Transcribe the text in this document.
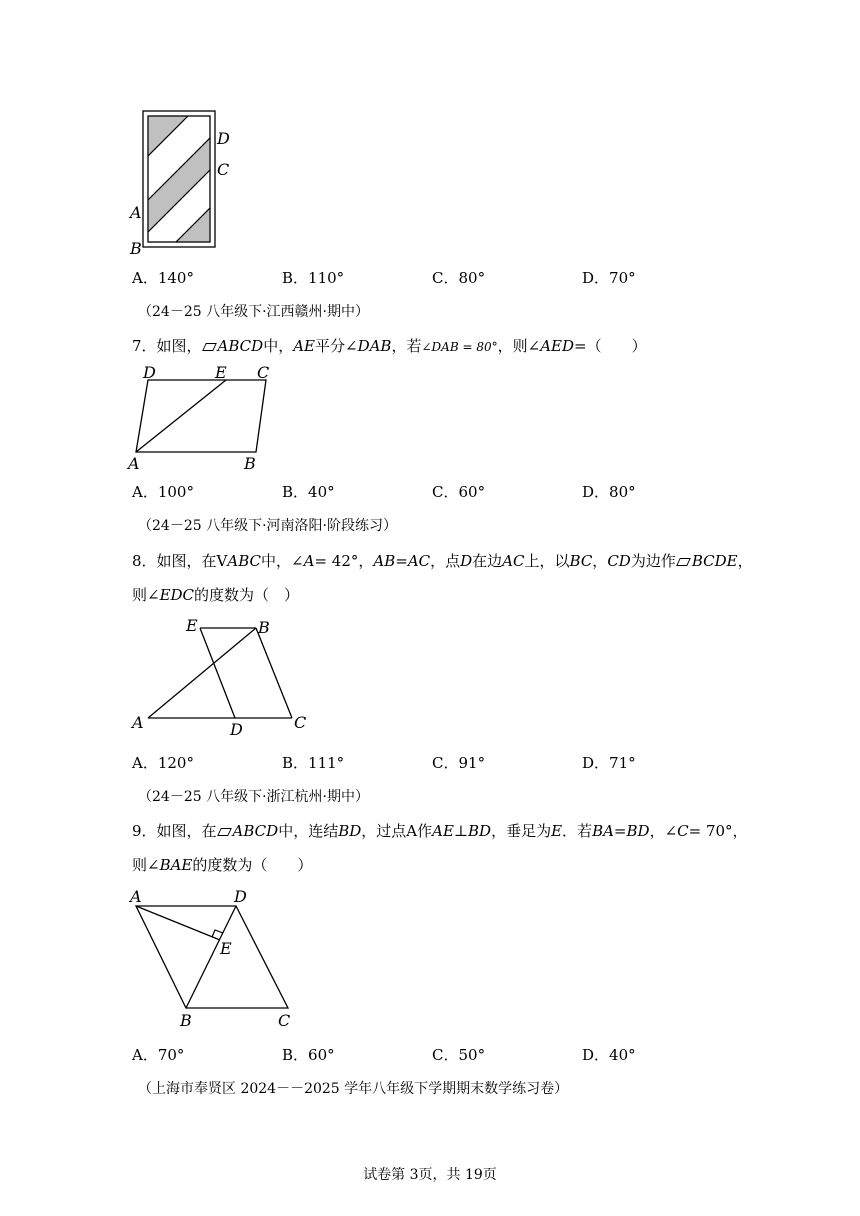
D
C
A
B
A．140°	B．110°	C．80°	D．70°
（24－25 八年级下·江西赣州·期中）
7．如图， ABCD中，AE平分∠DAB，若∠DAB = 80°，则∠AED=（　　）
D	E C
A	B
A．100°	B．40°	C．60°	D．80°
（24－25 八年级下·河南洛阳·阶段练习）
8．如图，在VABC中，∠A= 42°，AB=AC，点D在边AC上，以BC，CD为边作 BCDE，
则∠EDC的度数为（　）
E	B
A	D	C
A．120°	B．111°	C．91°	D．71°
（24－25 八年级下·浙江杭州·期中）
9．如图，在 ABCD中，连结BD，过点A作AE⊥BD，垂足为E．若BA=BD，∠C= 70°，
则∠BAE的度数为（　　）
A	D
E
B	C
A．70°	B．60°	C．50°	D．40°
（上海市奉贤区 2024－－2025 学年八年级下学期期末数学练习卷）
试卷第 3页，共 19页
